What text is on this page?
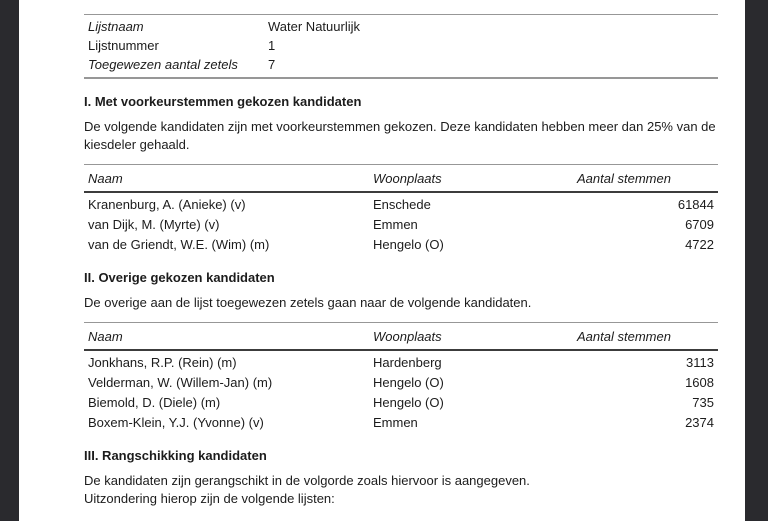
Lijstnaam	Water Natuurlijk
Lijstnummer	1
Toegewezen aantal zetels	7
I. Met voorkeurstemmen gekozen kandidaten

De volgende kandidaten zijn met voorkeurstemmen gekozen. Deze kandidaten hebben meer dan 25% van de kiesdeler gehaald.

Naam	Woonplaats	Aantal stemmen
Kranenburg, A. (Anieke) (v)	Enschede	61844
van Dijk, M. (Myrte) (v)	Emmen	6709
van de Griendt, W.E. (Wim) (m)	Hengelo (O)	4722
II. Overige gekozen kandidaten

De overige aan de lijst toegewezen zetels gaan naar de volgende kandidaten.

Naam	Woonplaats	Aantal stemmen
Jonkhans, R.P. (Rein) (m)	Hardenberg	3113
Velderman, W. (Willem-Jan) (m)	Hengelo (O)	1608
Biemold, D. (Diele) (m)	Hengelo (O)	735
Boxem-Klein, Y.J. (Yvonne) (v)	Emmen	2374
III. Rangschikking kandidaten

De kandidaten zijn gerangschikt in de volgorde zoals hiervoor is aangegeven.

Uitzondering hierop zijn de volgende lijsten:
